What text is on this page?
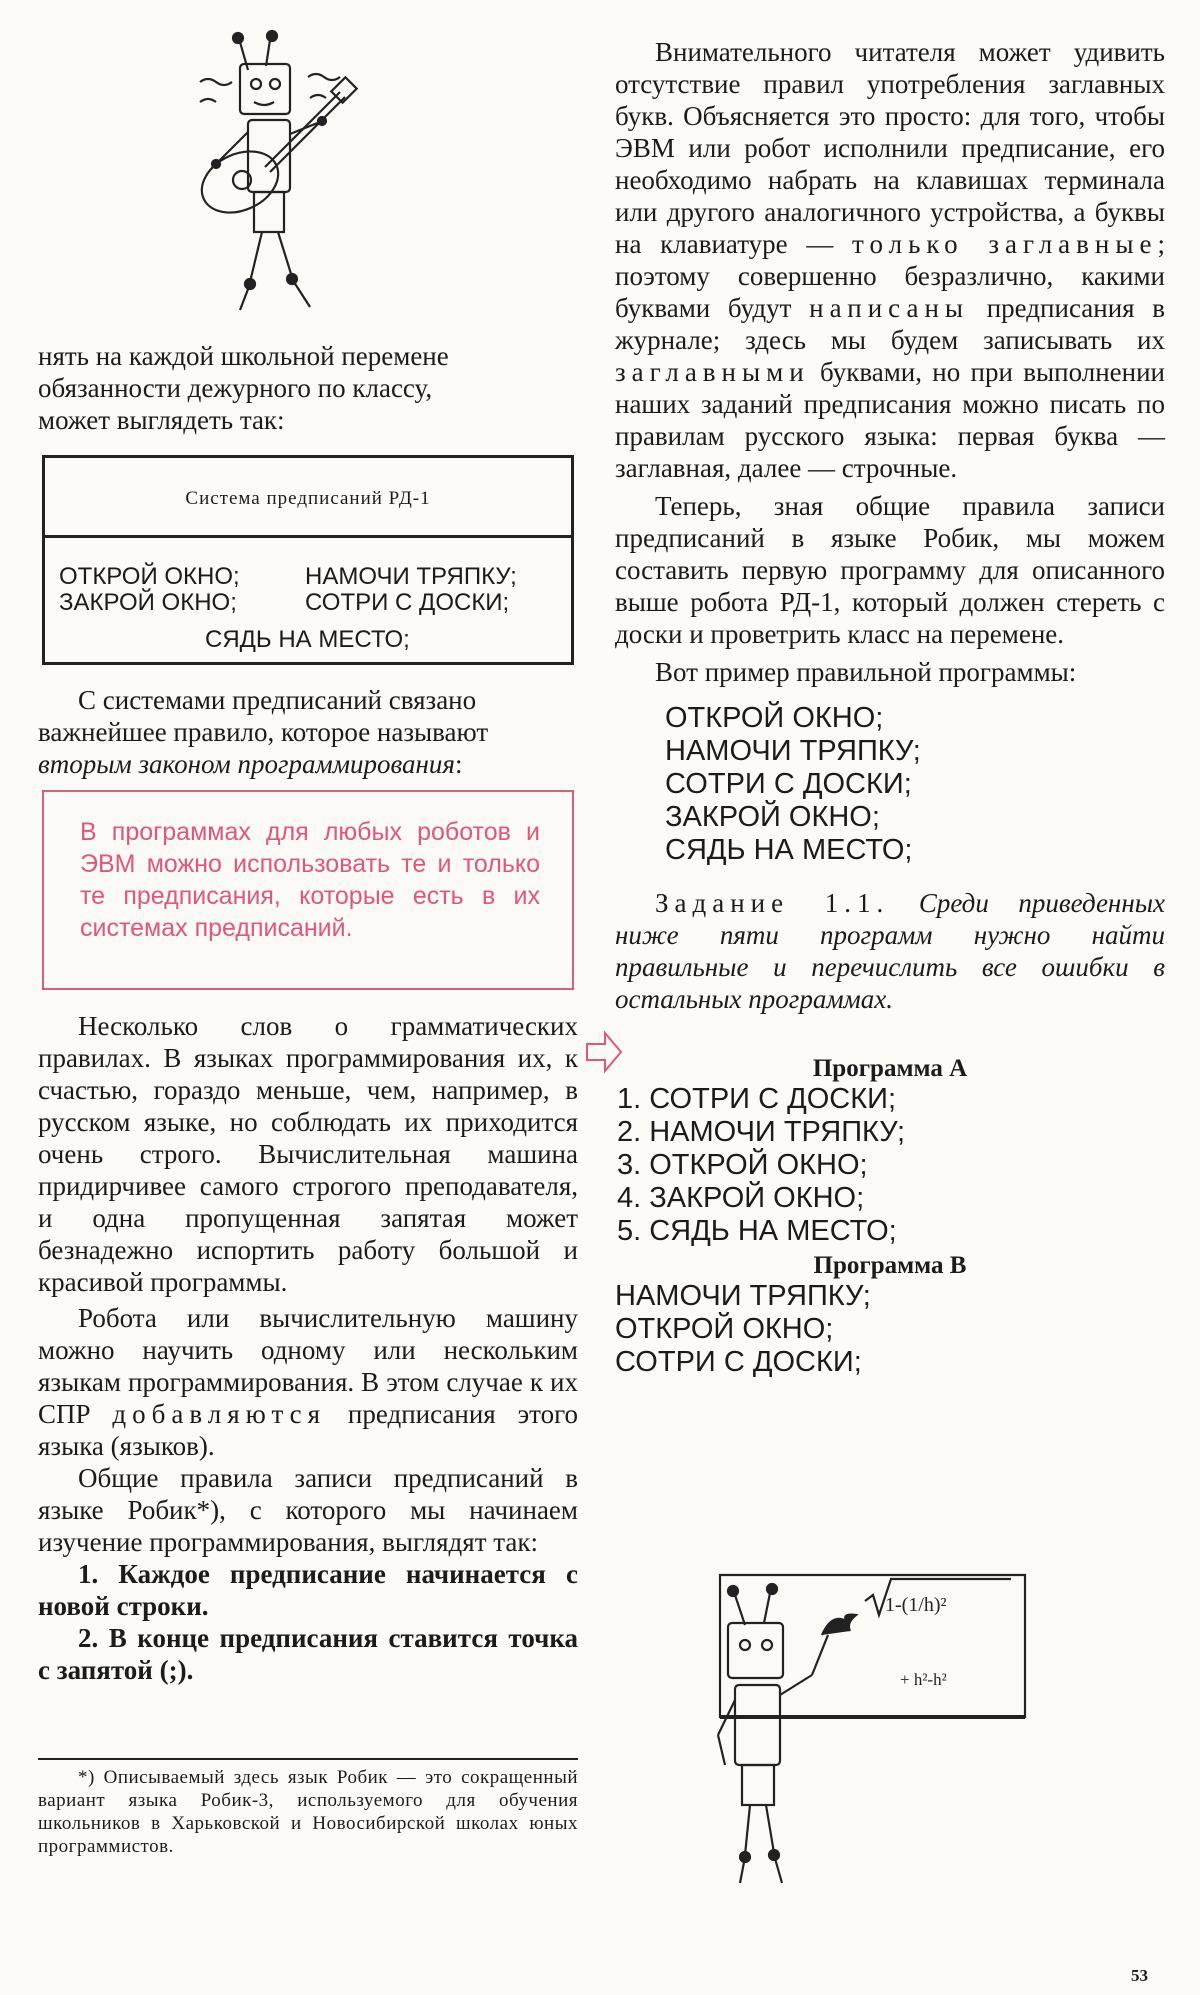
нять на каждой школьной перемене

обязанности дежурного по классу,

может выглядеть так:

Система предписаний РД-1
ОТКРОЙ ОКНО;	НАМОЧИ ТРЯПКУ;
ЗАКРОЙ ОКНО;	СОТРИ С ДОСКИ;
СЯДЬ НА МЕСТО;

С системами предписаний связано

важнейшее правило, которое называют

вторым законом программирования:

В программах для любых роботов и ЭВМ можно использовать те и только те предписания, которые есть в их системах предписаний.

Несколько слов о грамматических правилах. В языках программирования их, к счастью, гораздо меньше, чем, например, в русском языке, но соблюдать их приходится очень строго. Вычислительная машина придирчивее самого строгого преподавателя, и одна пропущенная запятая может безнадежно испортить работу большой и красивой программы.

Робота или вычислительную машину можно научить одному или нескольким языкам программирования. В этом случае к их СПР добавляются предписания этого языка (языков).

Общие правила записи предписаний в языке Робик*), с которого мы начинаем изучение программирования, выглядят так:

1. Каждое предписание начинается с новой строки.

2. В конце предписания ставится точка с запятой (;).

*) Описываемый здесь язык Робик — это сокращенный вариант языка Робик-3, используемого для обучения школьников в Харьковской и Новосибирской школах юных программистов.

Внимательного читателя может удивить отсутствие правил употребления заглавных букв. Объясняется это просто: для того, чтобы ЭВМ или робот исполнили предписание, его необходимо набрать на клавишах терминала или другого аналогичного устройства, а буквы на клавиатуре — только заглавные; поэтому совершенно безразлично, какими буквами будут написаны предписания в журнале; здесь мы будем записывать их заглавными буквами, но при выполнении наших заданий предписания можно писать по правилам русского языка: первая буква — заглавная, далее — строчные.

Теперь, зная общие правила записи предписаний в языке Робик, мы можем составить первую программу для описанного выше робота РД-1, который должен стереть с доски и проветрить класс на перемене.

Вот пример правильной программы:

ОТКРОЙ ОКНО;
НАМОЧИ ТРЯПКУ;
СОТРИ С ДОСКИ;
ЗАКРОЙ ОКНО;
СЯДЬ НА МЕСТО;

Задание 1.1. Среди приведенных ниже пяти программ нужно найти правильные и перечислить все ошибки в остальных программах.

Программа А
1. СОТРИ С ДОСКИ;
2. НАМОЧИ ТРЯПКУ;
3. ОТКРОЙ ОКНО;
4. ЗАКРОЙ ОКНО;
5. СЯДЬ НА МЕСТО;
Программа В
НАМОЧИ ТРЯПКУ;
ОТКРОЙ ОКНО;
СОТРИ С ДОСКИ;
1-(1/h)²
+ h²-h²
53
